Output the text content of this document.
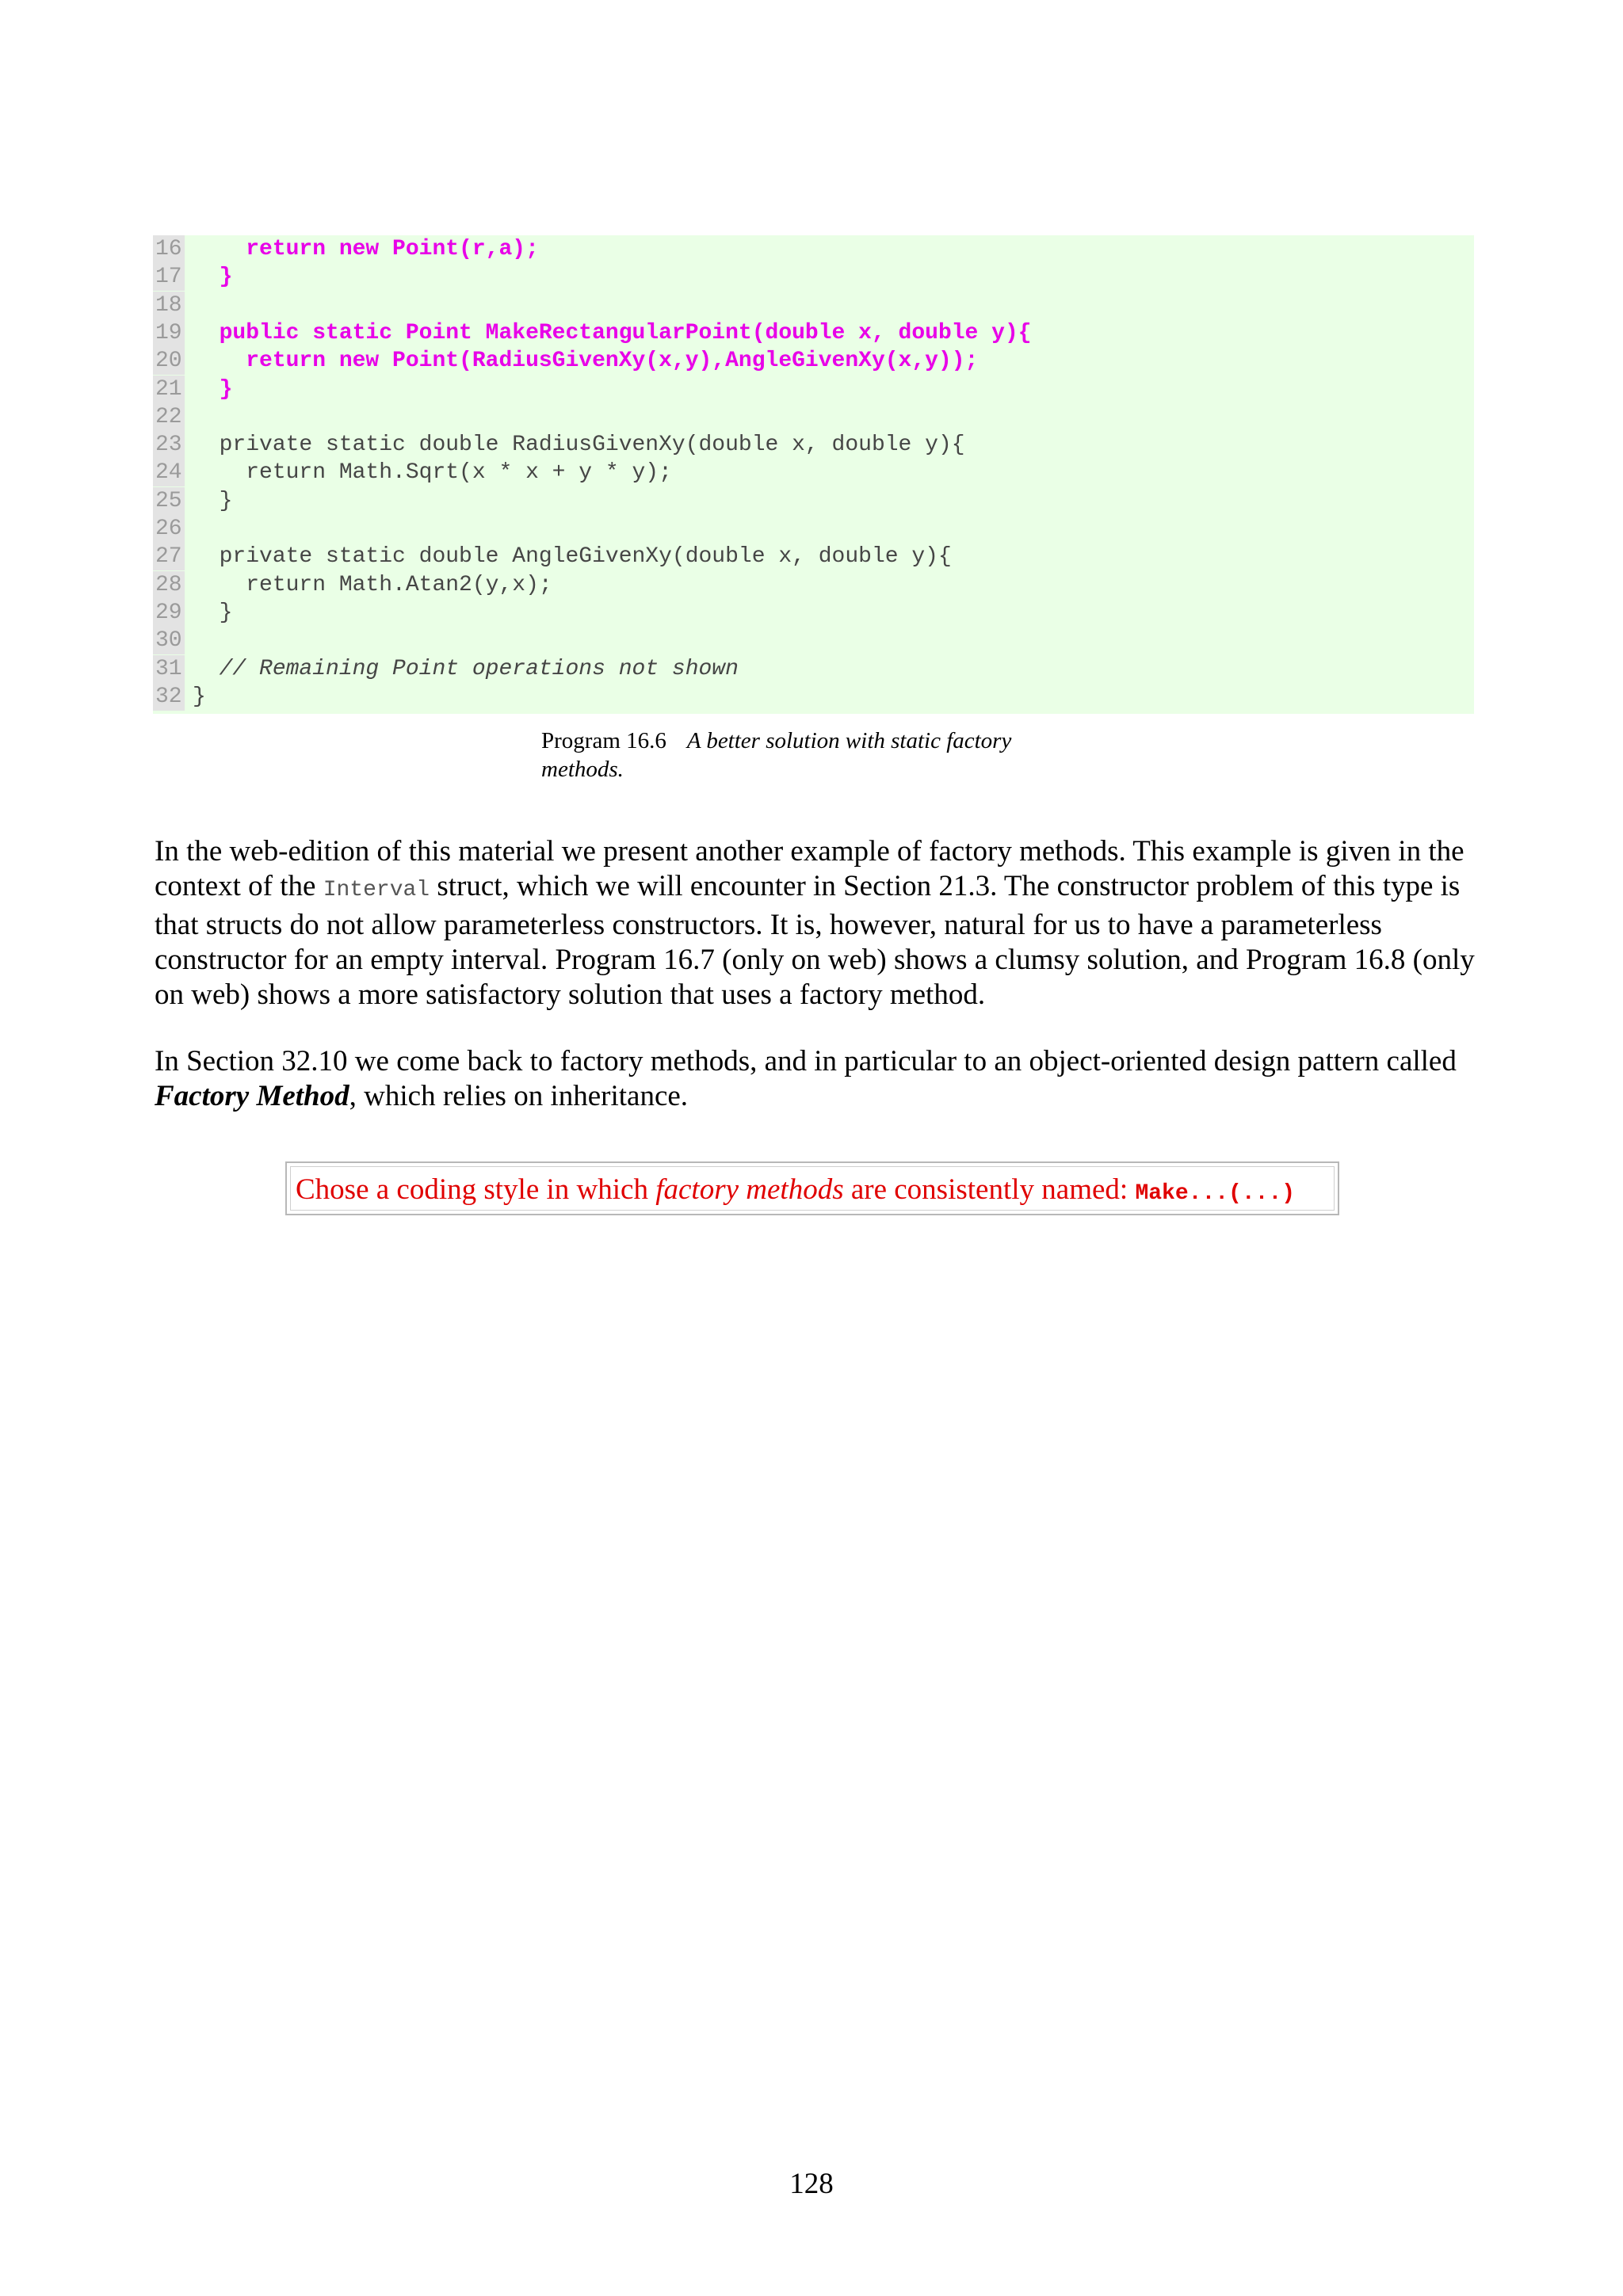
16 return new Point(r,a);
17 }
18
19 public static Point MakeRectangularPoint(double x, double y){
20 return new Point(RadiusGivenXy(x,y),AngleGivenXy(x,y));
21 }
22
23 private static double RadiusGivenXy(double x, double y){
24 return Math.Sqrt(x * x + y * y);
25 }
26
27 private static double AngleGivenXy(double x, double y){
28 return Math.Atan2(y,x);
29 }
30
31 // Remaining Point operations not shown
32 }
Program 16.6 A better solution with static factory methods.
In the web-edition of this material we present another example of factory methods. This example is given in the context of the Interval struct, which we will encounter in Section 21.3. The constructor problem of this type is that structs do not allow parameterless constructors. It is, however, natural for us to have a parameterless constructor for an empty interval. Program 16.7 (only on web) shows a clumsy solution, and Program 16.8 (only on web) shows a more satisfactory solution that uses a factory method.
In Section 32.10 we come back to factory methods, and in particular to an object-oriented design pattern called Factory Method, which relies on inheritance.
Chose a coding style in which factory methods are consistently named: Make...(...)
128
